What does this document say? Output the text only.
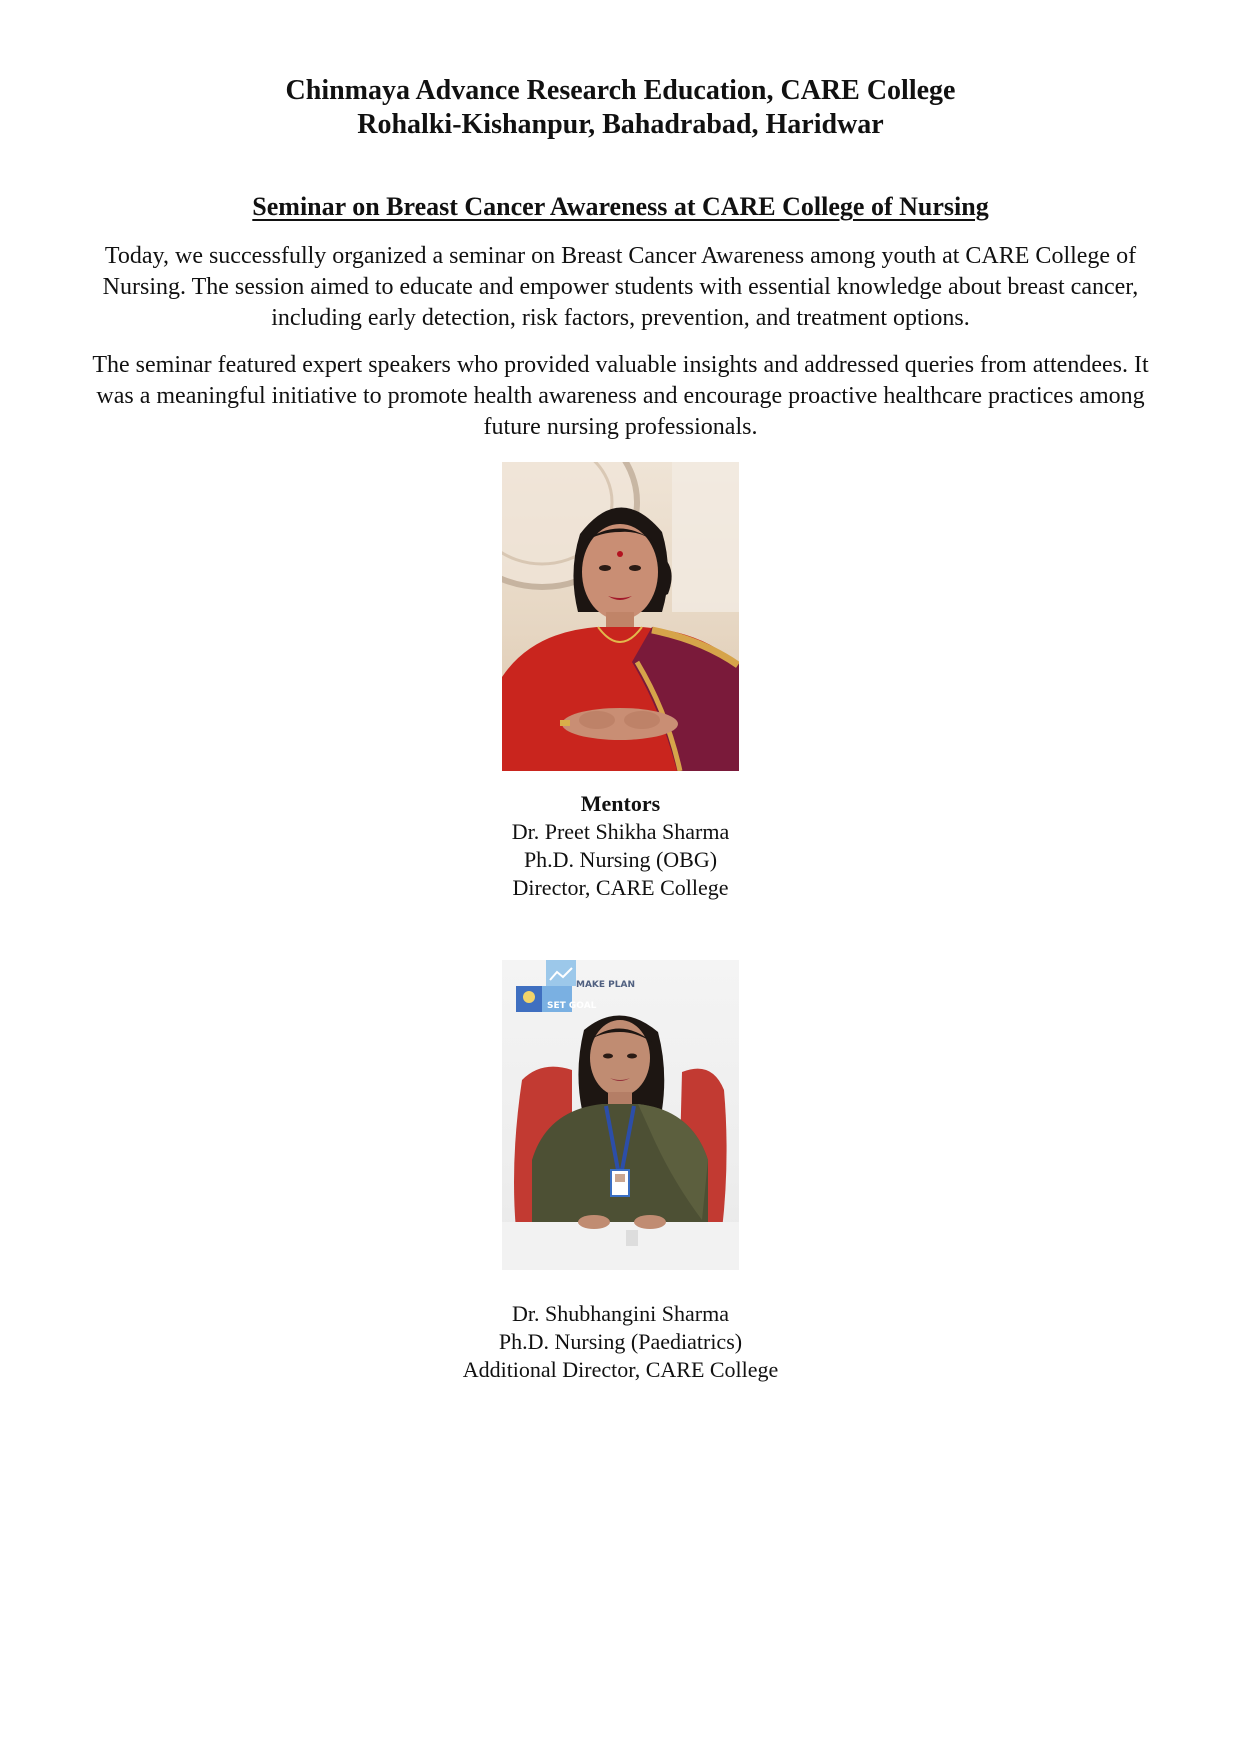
Chinmaya Advance Research Education, CARE College
Rohalki-Kishanpur, Bahadrabad, Haridwar
Seminar on Breast Cancer Awareness at CARE College of Nursing
Today, we successfully organized a seminar on Breast Cancer Awareness among youth at CARE College of Nursing. The session aimed to educate and empower students with essential knowledge about breast cancer, including early detection, risk factors, prevention, and treatment options.
The seminar featured expert speakers who provided valuable insights and addressed queries from attendees. It was a meaningful initiative to promote health awareness and encourage proactive healthcare practices among future nursing professionals.
Mentors
Dr. Preet Shikha Sharma
Ph.D. Nursing (OBG)
Director, CARE College
MAKE PLAN
SET GOAL
Dr. Shubhangini Sharma
Ph.D. Nursing (Paediatrics)
Additional Director, CARE College
